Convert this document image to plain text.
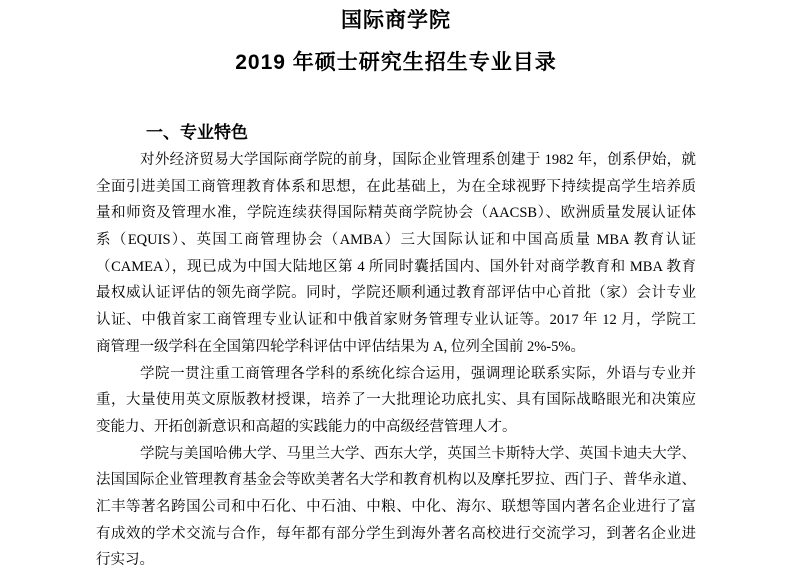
国际商学院
2019 年硕士研究生招生专业目录
一、专业特色
对外经济贸易大学国际商学院的前身，国际企业管理系创建于 1982 年，创系伊始，就
全面引进美国工商管理教育体系和思想，在此基础上，为在全球视野下持续提高学生培养质
量和师资及管理水准，学院连续获得国际精英商学院协会（AACSB）、欧洲质量发展认证体
系（EQUIS）、英国工商管理协会（AMBA）三大国际认证和中国高质量 MBA 教育认证
（CAMEA），现已成为中国大陆地区第 4 所同时囊括国内、国外针对商学教育和 MBA 教育
最权威认证评估的领先商学院。同时，学院还顺利通过教育部评估中心首批（家）会计专业
认证、中俄首家工商管理专业认证和中俄首家财务管理专业认证等。2017 年 12 月，学院工
商管理一级学科在全国第四轮学科评估中评估结果为 A, 位列全国前 2%-5%。
学院一贯注重工商管理各学科的系统化综合运用，强调理论联系实际，外语与专业并
重，大量使用英文原版教材授课，培养了一大批理论功底扎实、具有国际战略眼光和决策应
变能力、开拓创新意识和高超的实践能力的中高级经营管理人才。
学院与美国哈佛大学、马里兰大学、西东大学，英国兰卡斯特大学、英国卡迪夫大学、
法国国际企业管理教育基金会等欧美著名大学和教育机构以及摩托罗拉、西门子、普华永道、
汇丰等著名跨国公司和中石化、中石油、中粮、中化、海尔、联想等国内著名企业进行了富
有成效的学术交流与合作，每年都有部分学生到海外著名高校进行交流学习，到著名企业进
行实习。
